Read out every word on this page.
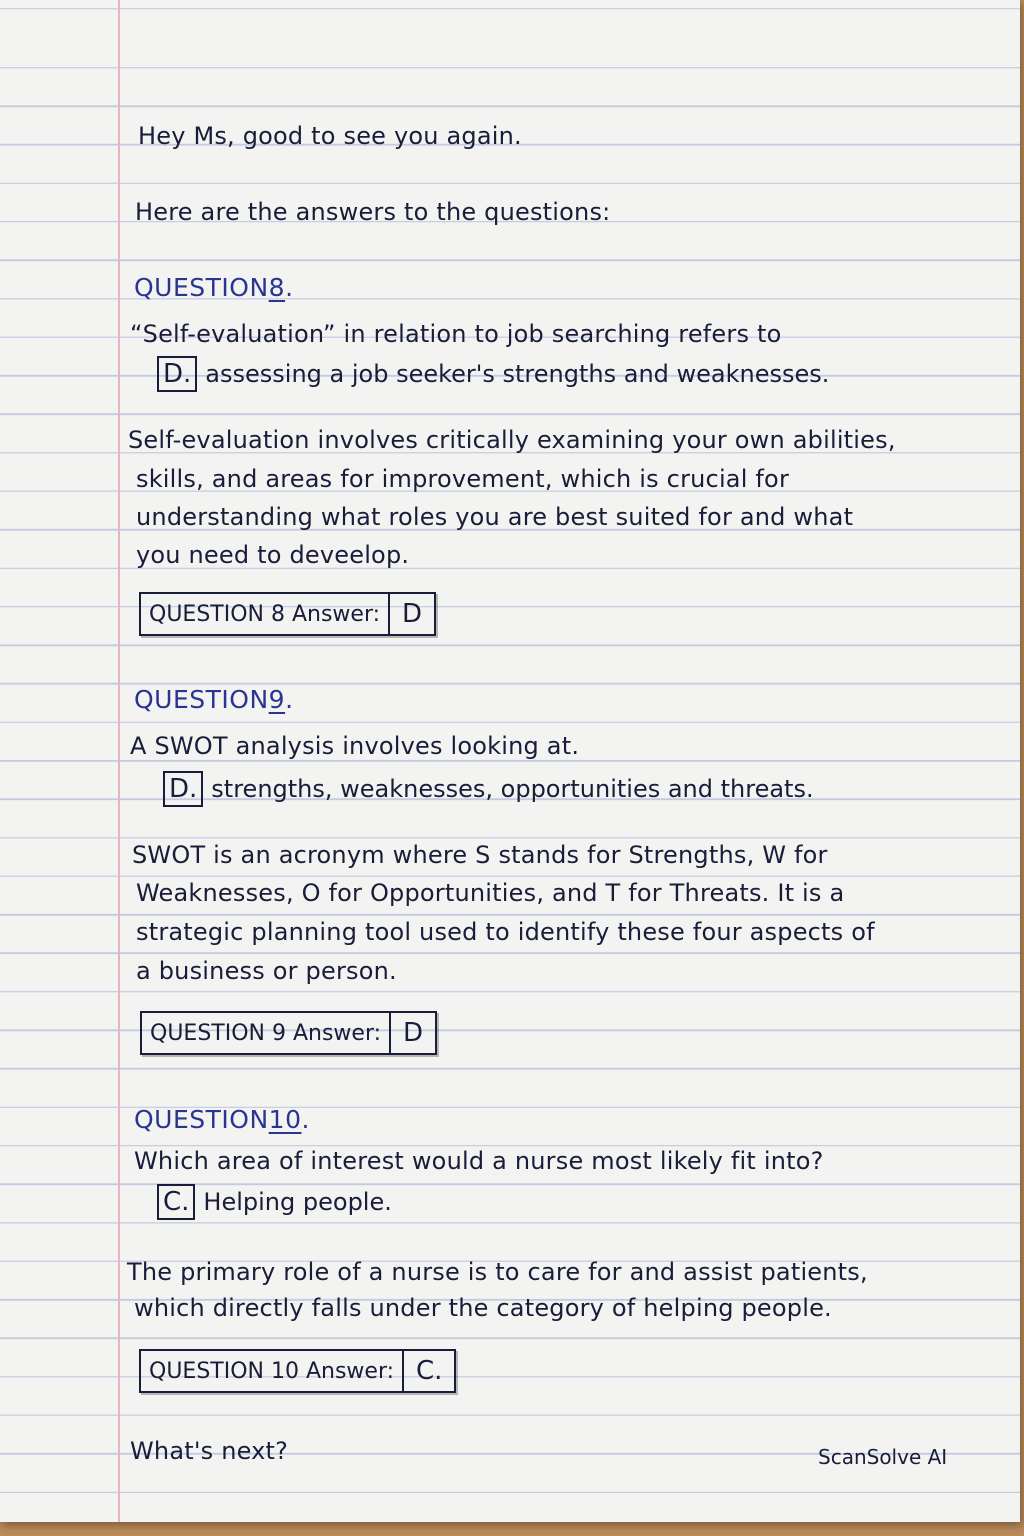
Hey Ms, good to see you again.
Here are the answers to the questions:
QUESTION8.
“Self-evaluation” in relation to job searching refers to
D. assessing a job seeker's strengths and weaknesses.
Self-evaluation involves critically examining your own abilities,
skills, and areas for improvement, which is crucial for
understanding what roles you are best suited for and what
you need to deveelop.
QUESTION 8 Answer: D
QUESTION9.
A SWOT analysis involves looking at.
D. strengths, weaknesses, opportunities and threats.
SWOT is an acronym where S stands for Strengths, W for
Weaknesses, O for Opportunities, and T for Threats. It is a
strategic planning tool used to identify these four aspects of
a business or person.
QUESTION 9 Answer: D
QUESTION10.
Which area of interest would a nurse most likely fit into?
C. Helping people.
The primary role of a nurse is to care for and assist patients,
which directly falls under the category of helping people.
QUESTION 10 Answer: C.
What's next?	ScanSolve AI
